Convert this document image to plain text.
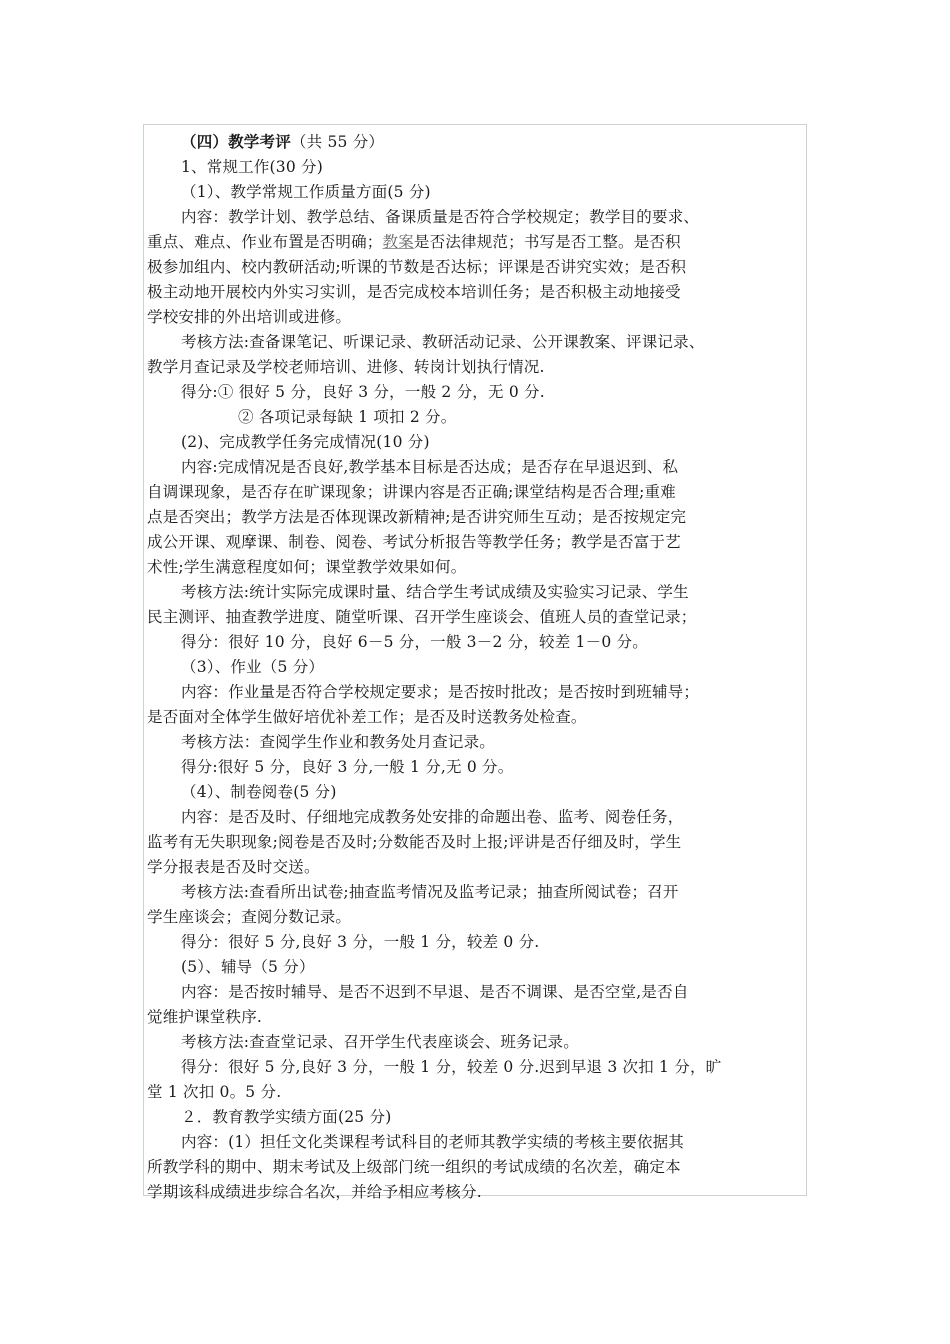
（四）教学考评（共 55 分）
1、常规工作(30 分)
（1）、教学常规工作质量方面(5 分)
内容：教学计划、教学总结、备课质量是否符合学校规定；教学目的要求、
重点、难点、作业布置是否明确；教案是否法律规范；书写是否工整。是否积
极参加组内、校内教研活动;听课的节数是否达标；评课是否讲究实效；是否积
极主动地开展校内外实习实训，是否完成校本培训任务；是否积极主动地接受
学校安排的外出培训或进修。
考核方法:查备课笔记、听课记录、教研活动记录、公开课教案、评课记录、
教学月查记录及学校老师培训、进修、转岗计划执行情况.
得分:① 很好 5 分，良好 3 分，一般 2 分，无 0 分.
② 各项记录每缺 1 项扣 2 分。
(2)、完成教学任务完成情况(10 分)
内容:完成情况是否良好,教学基本目标是否达成；是否存在早退迟到、私
自调课现象，是否存在旷课现象；讲课内容是否正确;课堂结构是否合理;重难
点是否突出；教学方法是否体现课改新精神;是否讲究师生互动；是否按规定完
成公开课、观摩课、制卷、阅卷、考试分析报告等教学任务；教学是否富于艺
术性;学生满意程度如何；课堂教学效果如何。
考核方法:统计实际完成课时量、结合学生考试成绩及实验实习记录、学生
民主测评、抽查教学进度、随堂听课、召开学生座谈会、值班人员的查堂记录；
得分：很好 10 分，良好 6－5 分，一般 3－2 分，较差 1－0 分。
（3）、作业（5 分）
内容：作业量是否符合学校规定要求；是否按时批改；是否按时到班辅导；
是否面对全体学生做好培优补差工作；是否及时送教务处检查。
考核方法：查阅学生作业和教务处月查记录。
得分:很好 5 分，良好 3 分,一般 1 分,无 0 分。
（4）、制卷阅卷(5 分)
内容：是否及时、仔细地完成教务处安排的命题出卷、监考、阅卷任务，
监考有无失职现象;阅卷是否及时;分数能否及时上报;评讲是否仔细及时，学生
学分报表是否及时交送。
考核方法:查看所出试卷;抽查监考情况及监考记录；抽查所阅试卷；召开
学生座谈会；查阅分数记录。
得分：很好 5 分,良好 3 分，一般 1 分，较差 0 分.
(5）、辅导（5 分）
内容：是否按时辅导、是否不迟到不早退、是否不调课、是否空堂,是否自
觉维护课堂秩序.
考核方法:查查堂记录、召开学生代表座谈会、班务记录。
得分：很好 5 分,良好 3 分，一般 1 分，较差 0 分.迟到早退 3 次扣 1 分，旷
堂 1 次扣 0。5 分.
２．教育教学实绩方面(25 分)
内容：(1）担任文化类课程考试科目的老师其教学实绩的考核主要依据其
所教学科的期中、期末考试及上级部门统一组织的考试成绩的名次差，确定本
学期该科成绩进步综合名次，并给予相应考核分.
